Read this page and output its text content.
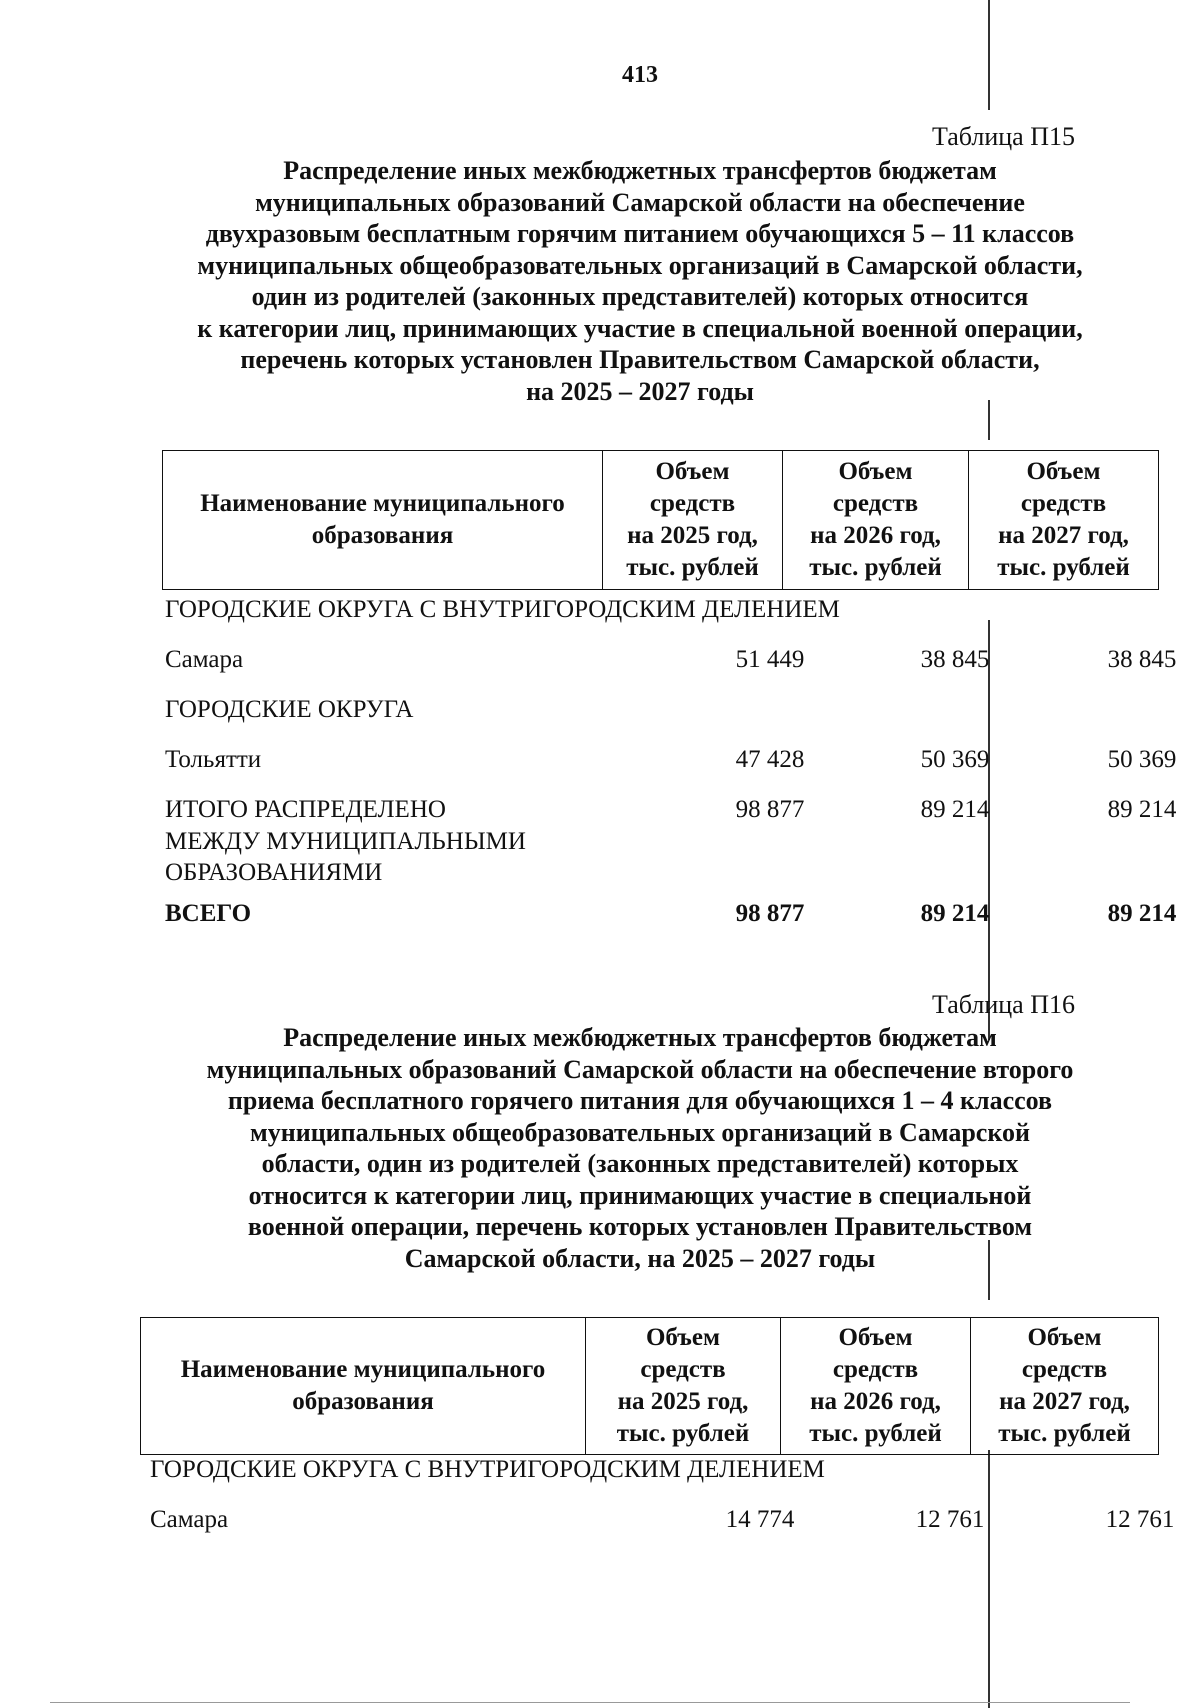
413
Таблица П15
Распределение иных межбюджетных трансфертов бюджетам
муниципальных образований Самарской области на обеспечение
двухразовым бесплатным горячим питанием обучающихся 5 – 11 классов
муниципальных общеобразовательных организаций в Самарской области,
один из родителей (законных представителей) которых относится
к категории лиц, принимающих участие в специальной военной операции,
перечень которых установлен Правительством Самарской области,
на 2025 – 2027 годы
Наименование муниципального
образования

Объем
средств
на 2025 год,
тыс. рублей

Объем
средств
на 2026 год,
тыс. рублей

Объем
средств
на 2027 год,
тыс. рублей
ГОРОДСКИЕ ОКРУГА С ВНУТРИГОРОДСКИМ ДЕЛЕНИЕМ
Самара	51 449	38 845	38 845
ГОРОДСКИЕ ОКРУГА
Тольятти	47 428	50 369	50 369
ИТОГО РАСПРЕДЕЛЕНО
МЕЖДУ МУНИЦИПАЛЬНЫМИ
ОБРАЗОВАНИЯМИ
98 877	89 214	89 214
ВСЕГО	98 877	89 214	89 214
Таблица П16
Распределение иных межбюджетных трансфертов бюджетам
муниципальных образований Самарской области на обеспечение второго
приема бесплатного горячего питания для обучающихся 1 – 4 классов
муниципальных общеобразовательных организаций в Самарской
области, один из родителей (законных представителей) которых
относится к категории лиц, принимающих участие в специальной
военной операции, перечень которых установлен Правительством
Самарской области, на 2025 – 2027 годы
Наименование муниципального
образования

Объем
средств
на 2025 год,
тыс. рублей

Объем
средств
на 2026 год,
тыс. рублей

Объем
средств
на 2027 год,
тыс. рублей
ГОРОДСКИЕ ОКРУГА С ВНУТРИГОРОДСКИМ ДЕЛЕНИЕМ
Самара	14 774	12 761	12 761
